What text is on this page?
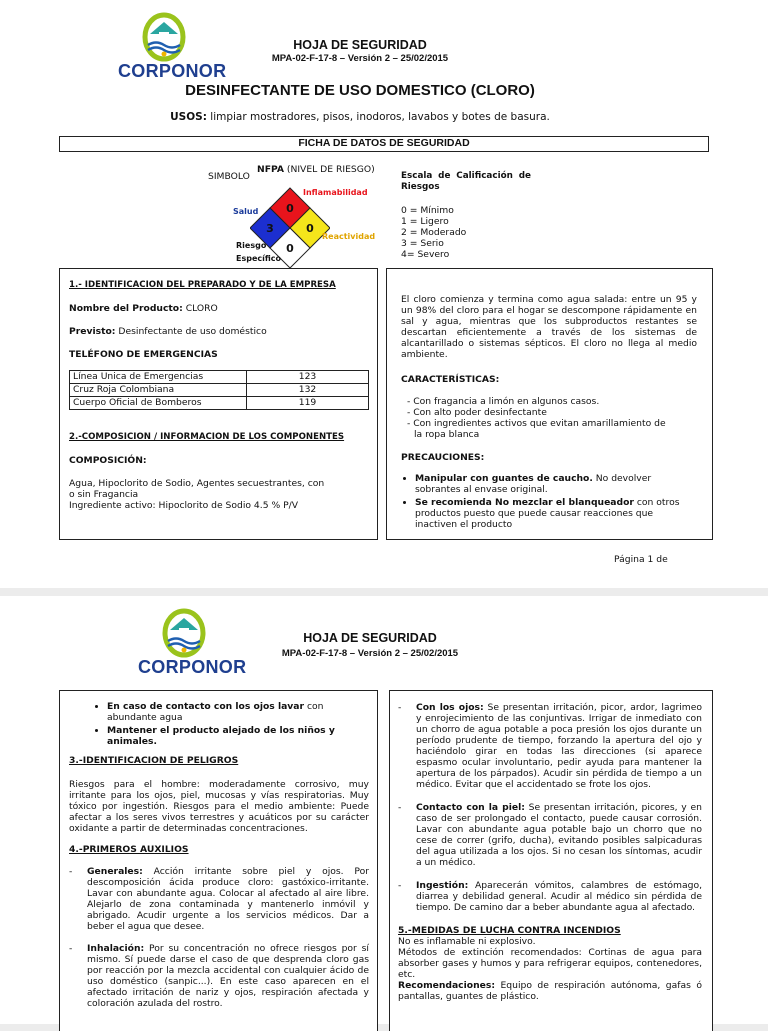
CORPONOR
HOJA DE SEGURIDAD
MPA-02-F-17-8 – Versión 2 – 25/02/2015
DESINFECTANTE DE USO DOMESTICO (CLORO)
USOS: limpiar mostradores, pisos, inodoros, lavabos y botes de basura.
FICHA DE DATOS DE SEGURIDAD
SIMBOLO
NFPA (NIVEL DE RIESGO)
0
3	0
0
Inflamabilidad
Salud
Reactividad
Riesgo
Específico
Escala de Calificación de Riesgos
0 = Mínimo
1 = Ligero
2 = Moderado
3 = Serio
4= Severo

1.- IDENTIFICACION DEL PREPARADO Y DE LA EMPRESA

Nombre del Producto: CLORO

Previsto: Desinfectante de uso doméstico

TELÉFONO DE EMERGENCIAS

Línea Unica de Emergencias	123
Cruz Roja Colombiana	132
Cuerpo Oficial de Bomberos	119

2.-COMPOSICION / INFORMACION DE LOS COMPONENTES

COMPOSICIÓN:

Agua, Hipoclorito de Sodio, Agentes secuestrantes, con

o sin Fragancia

Ingrediente activo: Hipoclorito de Sodio 4.5 % P/V

El cloro comienza y termina como agua salada: entre un 95 y un 98% del cloro para el hogar se descompone rápidamente en sal y agua, mientras que los subproductos restantes se descartan eficientemente a través de los sistemas de alcantarillado o sistemas sépticos. El cloro no llega al medio ambiente.

CARACTERÍSTICAS:

- Con fragancia a limón en algunos casos.
- Con alto poder desinfectante
- Con ingredientes activos que evitan amarillamiento de
la ropa blanca

PRECAUCIONES:

• Manipular con guantes de caucho. No devolver sobrantes al envase original.
• Se recomienda No mezclar el blanqueador con otros productos puesto que puede causar reacciones que inactiven el producto
Página 1 de
CORPONOR
HOJA DE SEGURIDAD
MPA-02-F-17-8 – Versión 2 – 25/02/2015
• En caso de contacto con los ojos lavar con abundante agua
• Mantener el producto alejado de los niños y animales.

3.-IDENTIFICACION DE PELIGROS

Riesgos para el hombre: moderadamente corrosivo, muy irritante para los ojos, piel, mucosas y vías respiratorias. Muy tóxico por ingestión. Riesgos para el medio ambiente: Puede afectar a los seres vivos terrestres y acuáticos por su carácter oxidante a partir de determinadas concentraciones.

4.-PRIMEROS AUXILIOS

-	Generales: Acción irritante sobre piel y ojos. Por descomposición ácida produce cloro: gastóxico-irritante. Lavar con abundante agua. Colocar al afectado al aire libre. Alejarlo de zona contaminada y mantenerlo inmóvil y abrigado. Acudir urgente a los servicios médicos. Dar a beber el agua que desee.
-	Inhalación: Por su concentración no ofrece riesgos por sí mismo. Sí puede darse el caso de que desprenda cloro gas por reacción por la mezcla accidental con cualquier ácido de uso doméstico (sanpic...). En este caso aparecen en el afectado irritación de nariz y ojos, respiración afectada y coloración azulada del rostro.
-	Con los ojos: Se presentan irritación, picor, ardor, lagrimeo y enrojecimiento de las conjuntivas. Irrigar de inmediato con un chorro de agua potable a poca presión los ojos durante un período prudente de tiempo, forzando la apertura del ojo y haciéndolo girar en todas las direcciones (si aparece espasmo ocular involuntario, pedir ayuda para mantener la apertura de los párpados). Acudir sin pérdida de tiempo a un médico. Evitar que el accidentado se frote los ojos.
-	Contacto con la piel: Se presentan irritación, picores, y en caso de ser prolongado el contacto, puede causar corrosión. Lavar con abundante agua potable bajo un chorro que no cese de correr (grifo, ducha), evitando posibles salpicaduras del agua utilizada a los ojos. Si no cesan los síntomas, acudir a un médico.
-	Ingestión: Aparecerán vómitos, calambres de estómago, diarrea y debilidad general. Acudir al médico sin pérdida de tiempo. De camino dar a beber abundante agua al afectado.

5.-MEDIDAS DE LUCHA CONTRA INCENDIOS

No es inflamable ni explosivo.

Métodos de extinción recomendados: Cortinas de agua para absorber gases y humos y para refrigerar equipos, contenedores, etc.

Recomendaciones: Equipo de respiración autónoma, gafas ó pantallas, guantes de plástico.
